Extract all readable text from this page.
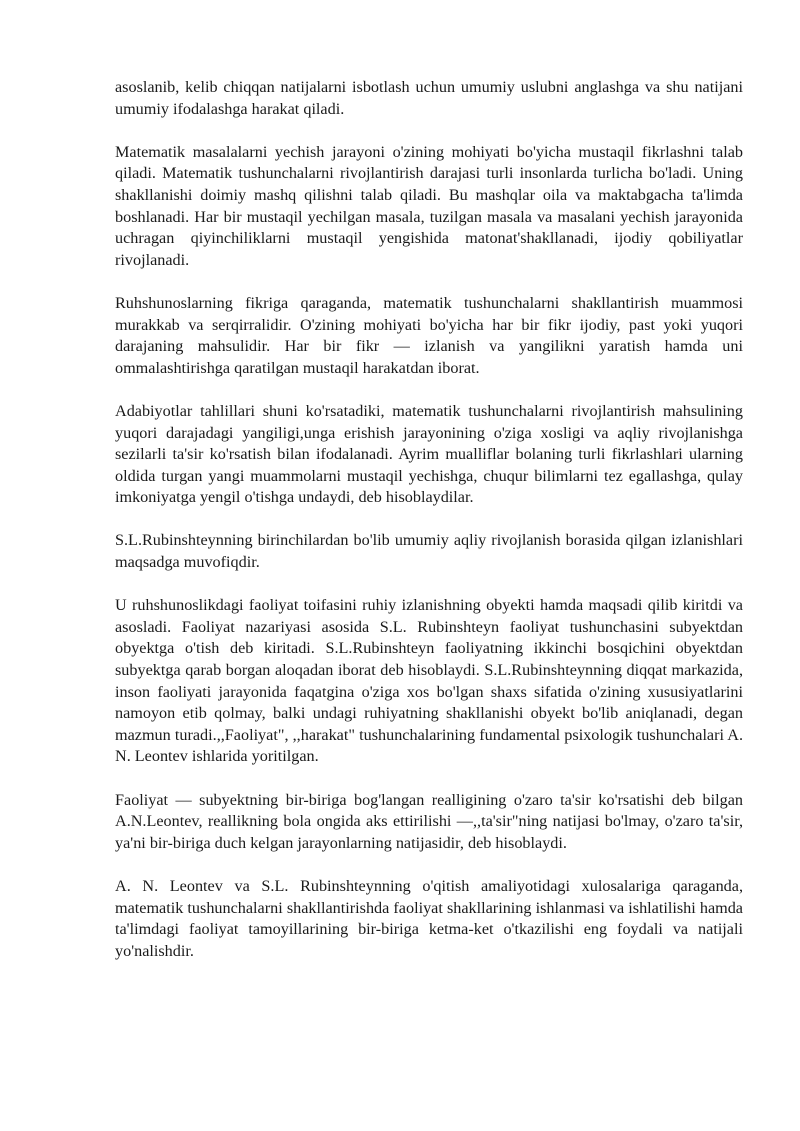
asoslanib, kelib chiqqan natijalarni isbotlash uchun umumiy uslubni anglashga va shu natijani umumiy ifodalashga harakat qiladi.

Matematik masalalarni yechish jarayoni o'zining mohiyati bo'yicha mustaqil fikrlashni talab qiladi. Matematik tushunchalarni rivojlantirish darajasi turli insonlarda turlicha bo'ladi. Uning shakllanishi doimiy mashq qilishni talab qiladi. Bu mashqlar oila va maktabgacha ta'limda boshlanadi. Har bir mustaqil yechilgan masala, tuzilgan masala va masalani yechish jarayonida uchragan qiyinchiliklarni mustaqil yengishida matonat'shakllanadi, ijodiy qobiliyatlar rivojlanadi.

Ruhshunoslarning fikriga qaraganda, matematik tushunchalarni shakllantirish muammosi murakkab va serqirralidir. O'zining mohiyati bo'yicha har bir fikr ijodiy, past yoki yuqori darajaning mahsulidir. Har bir fikr — izlanish va yangilikni yaratish hamda uni ommalashtirishga qaratilgan mustaqil harakatdan iborat.

Adabiyotlar tahlillari shuni ko'rsatadiki, matematik tushunchalarni rivojlantirish mahsulining yuqori darajadagi yangiligi,unga erishish jarayonining o'ziga xosligi va aqliy rivojlanishga sezilarli ta'sir ko'rsatish bilan ifodalanadi. Ayrim mualliflar bolaning turli fikrlashlari ularning oldida turgan yangi muammolarni mustaqil yechishga, chuqur bilimlarni tez egallashga, qulay imkoniyatga yengil o'tishga undaydi, deb hisoblaydilar.

S.L.Rubinshteynning birinchilardan bo'lib umumiy aqliy rivojlanish borasida qilgan izlanishlari maqsadga muvofiqdir.

U ruhshunoslikdagi faoliyat toifasini ruhiy izlanishning obyekti hamda maqsadi qilib kiritdi va asosladi. Faoliyat nazariyasi asosida S.L. Rubinshteyn faoliyat tushunchasini subyektdan obyektga o'tish deb kiritadi. S.L.Rubinshteyn faoliyatning ikkinchi bosqichini obyektdan subyektga qarab borgan aloqadan iborat deb hisoblaydi. S.L.Rubinshteynning diqqat markazida, inson faoliyati jarayonida faqatgina o'ziga xos bo'lgan shaxs sifatida o'zining xususiyatlarini namoyon etib qolmay, balki undagi ruhiyatning shakllanishi obyekt bo'lib aniqlanadi, degan mazmun turadi.,,Faoliyat", ,,harakat" tushunchalarining fundamental psixologik tushunchalari A. N. Leontev ishlarida yoritilgan.

Faoliyat — subyektning bir-biriga bog'langan realligining o'zaro ta'sir ko'rsatishi deb bilgan A.N.Leontev, reallikning bola ongida aks ettirilishi —,,ta'sir"ning natijasi bo'lmay, o'zaro ta'sir, ya'ni bir-biriga duch kelgan jarayonlarning natijasidir, deb hisoblaydi.

A. N. Leontev va S.L. Rubinshteynning o'qitish amaliyotidagi xulosalariga qaraganda, matematik tushunchalarni shakllantirishda faoliyat shakllarining ishlanmasi va ishlatilishi hamda ta'limdagi faoliyat tamoyillarining bir-biriga ketma-ket o'tkazilishi eng foydali va natijali yo'nalishdir.
